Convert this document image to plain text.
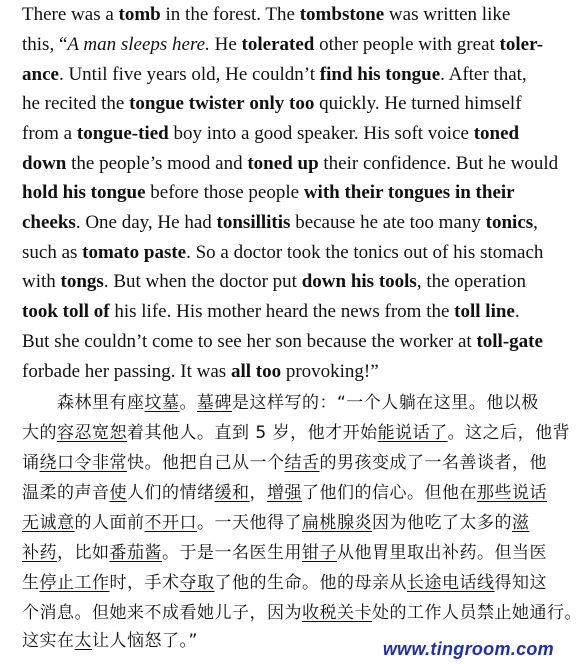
There was a tomb in the forest. The tombstone was written like
this, “A man sleeps here. He tolerated other people with great toler-
ance. Until five years old, He couldn’t find his tongue. After that,
he recited the tongue twister only too quickly. He turned himself
from a tongue-tied boy into a good speaker. His soft voice toned
down the people’s mood and toned up their confidence. But he would
hold his tongue before those people with their tongues in their
cheeks. One day, He had tonsillitis because he ate too many tonics,
such as tomato paste. So a doctor took the tonics out of his stomach
with tongs. But when the doctor put down his tools, the operation
took toll of his life. His mother heard the news from the toll line.
But she couldn’t come to see her son because the worker at toll-gate
forbade her passing. It was all too provoking!”
　　森林里有座坟墓。墓碑是这样写的：“一个人躺在这里。他以极
大的容忍宽恕着其他人。直到 5 岁，他才开始能说话了。这之后，他背
诵绕口令非常快。他把自己从一个结舌的男孩变成了一名善谈者，他
温柔的声音使人们的情绪缓和，增强了他们的信心。但他在那些说话
无诚意的人面前不开口。一天他得了扁桃腺炎因为他吃了太多的滋
补药，比如番茄酱。于是一名医生用钳子从他胃里取出补药。但当医
生停止工作时，手术夺取了他的生命。他的母亲从长途电话线得知这
个消息。但她来不成看她儿子，因为收税关卡处的工作人员禁止她通行。
这实在太让人恼怒了。”	www.tingroom.com
